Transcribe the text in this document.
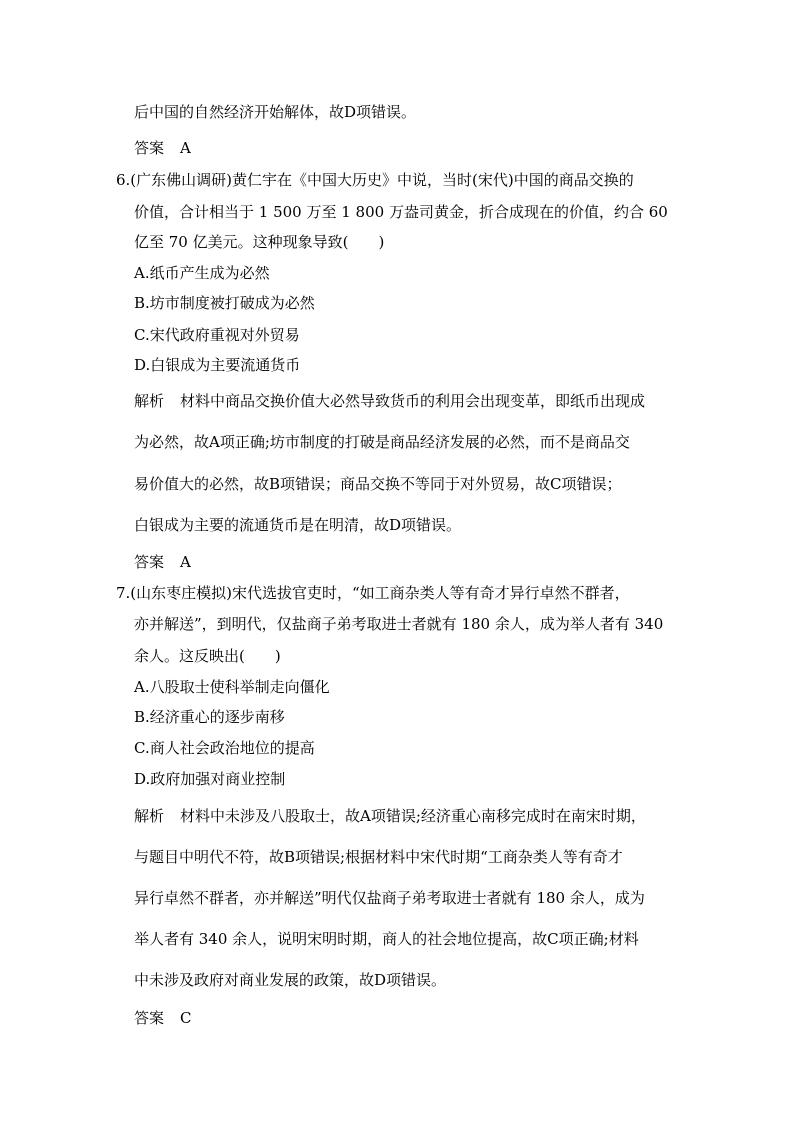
后中国的自然经济开始解体，故D项错误。
答案 A
6.(广东佛山调研)黄仁宇在《中国大历史》中说，当时(宋代)中国的商品交换的
价值，合计相当于 1 500 万至 1 800 万盎司黄金，折合成现在的价值，约合 60
亿至 70 亿美元。这种现象导致(　　)
A.纸币产生成为必然
B.坊市制度被打破成为必然
C.宋代政府重视对外贸易
D.白银成为主要流通货币
解析 材料中商品交换价值大必然导致货币的利用会出现变革，即纸币出现成
为必然，故A项正确;坊市制度的打破是商品经济发展的必然，而不是商品交
易价值大的必然，故B项错误；商品交换不等同于对外贸易，故C项错误；
白银成为主要的流通货币是在明清，故D项错误。
答案 A
7.(山东枣庄模拟)宋代选拔官吏时，“如工商杂类人等有奇才异行卓然不群者，
亦并解送”，到明代，仅盐商子弟考取进士者就有 180 余人，成为举人者有 340
余人。这反映出(　　)
A.八股取士使科举制走向僵化
B.经济重心的逐步南移
C.商人社会政治地位的提高
D.政府加强对商业控制
解析 材料中未涉及八股取士，故A项错误;经济重心南移完成时在南宋时期，
与题目中明代不符，故B项错误;根据材料中宋代时期“工商杂类人等有奇才
异行卓然不群者，亦并解送”明代仅盐商子弟考取进士者就有 180 余人，成为
举人者有 340 余人，说明宋明时期，商人的社会地位提高，故C项正确;材料
中未涉及政府对商业发展的政策，故D项错误。
答案 C
